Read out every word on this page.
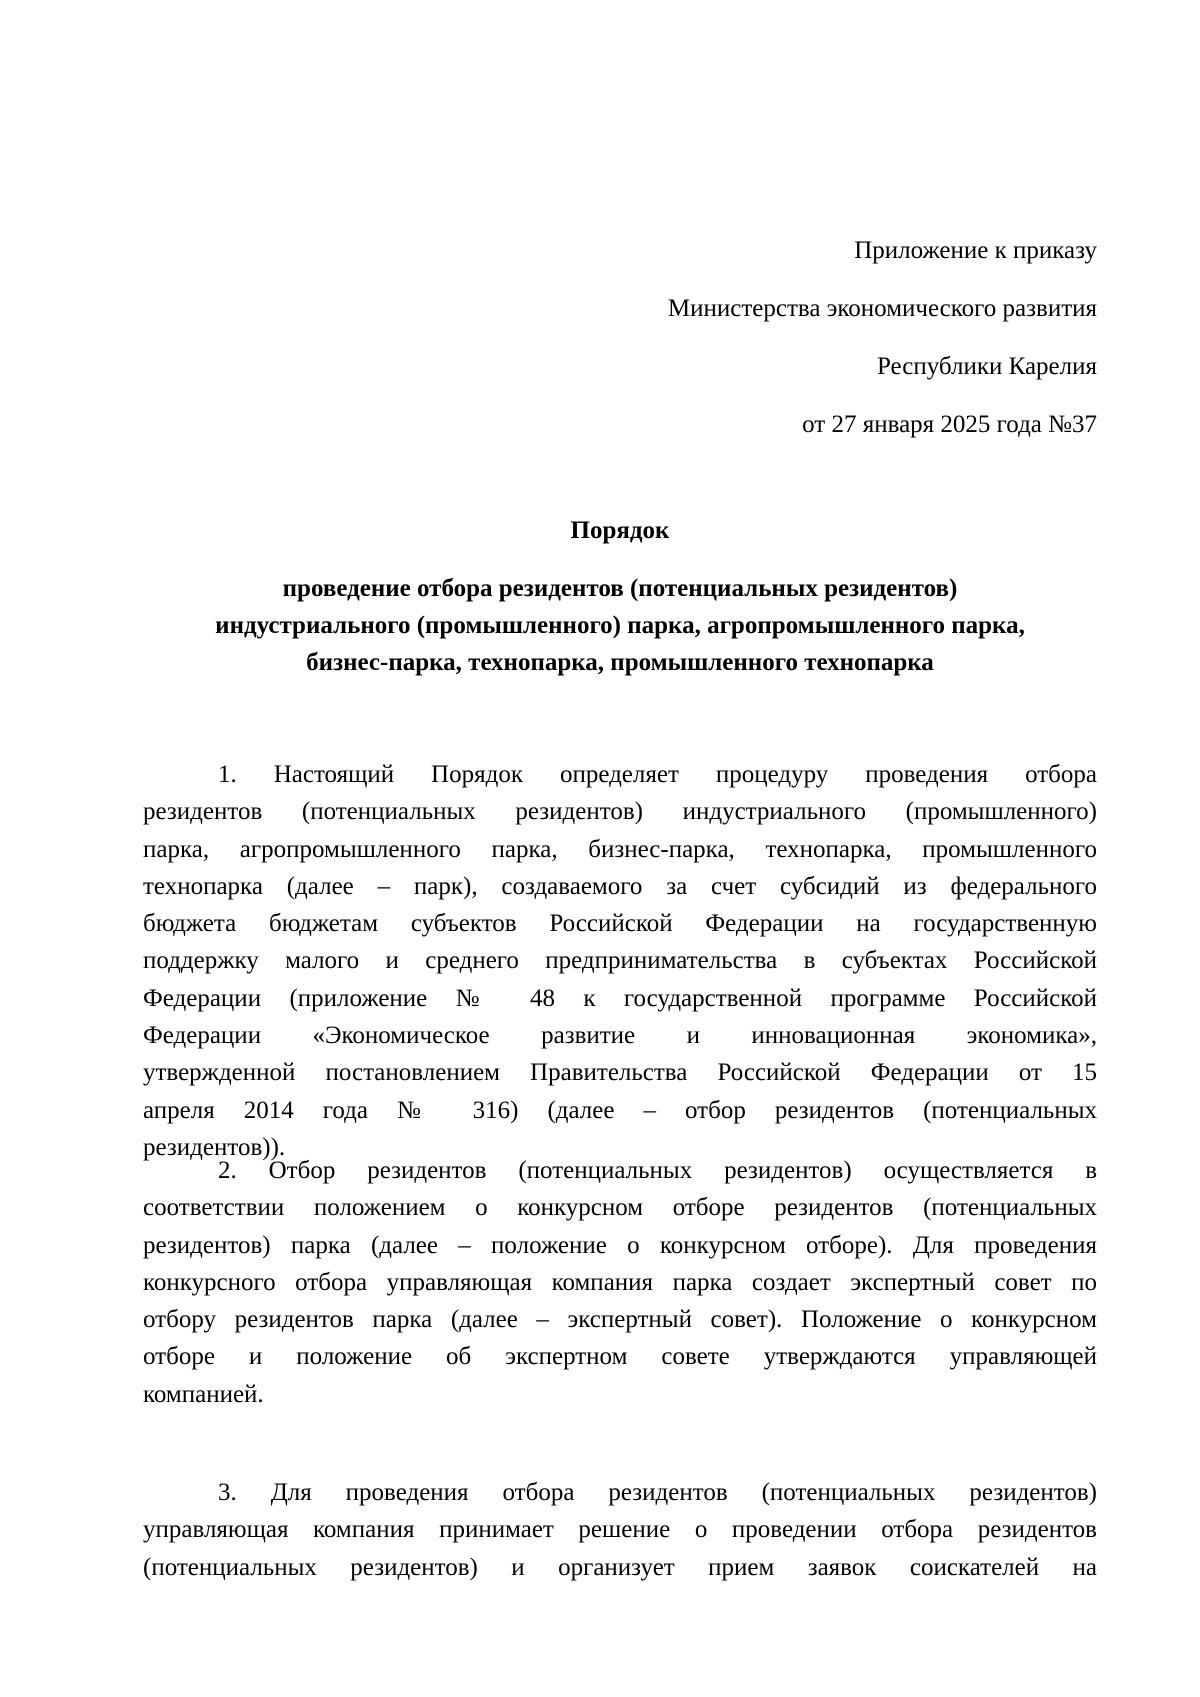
Приложение к приказу
Министерства экономического развития
Республики Карелия
от 27 января 2025 года №37
Порядок
проведение отбора резидентов (потенциальных резидентов)
индустриального (промышленного) парка, агропромышленного парка,
бизнес-парка, технопарка, промышленного технопарка
1. Настоящий Порядок определяет процедуру проведения отбора
резидентов (потенциальных резидентов) индустриального (промышленного)
парка, агропромышленного парка, бизнес-парка, технопарка, промышленного
технопарка (далее – парк), создаваемого за счет субсидий из федерального
бюджета бюджетам субъектов Российской Федерации на государственную
поддержку малого и среднего предпринимательства в субъектах Российской
Федерации (приложение № 48 к государственной программе Российской
Федерации «Экономическое развитие и инновационная экономика»,
утвержденной постановлением Правительства Российской Федерации от 15
апреля 2014 года № 316) (далее – отбор резидентов (потенциальных
резидентов)).
2. Отбор резидентов (потенциальных резидентов) осуществляется в
соответствии положением о конкурсном отборе резидентов (потенциальных
резидентов) парка (далее – положение о конкурсном отборе). Для проведения
конкурсного отбора управляющая компания парка создает экспертный совет по
отбору резидентов парка (далее – экспертный совет). Положение о конкурсном
отборе и положение об экспертном совете утверждаются управляющей
компанией.
3. Для проведения отбора резидентов (потенциальных резидентов)
управляющая компания принимает решение о проведении отбора резидентов
(потенциальных резидентов) и организует прием заявок соискателей на
